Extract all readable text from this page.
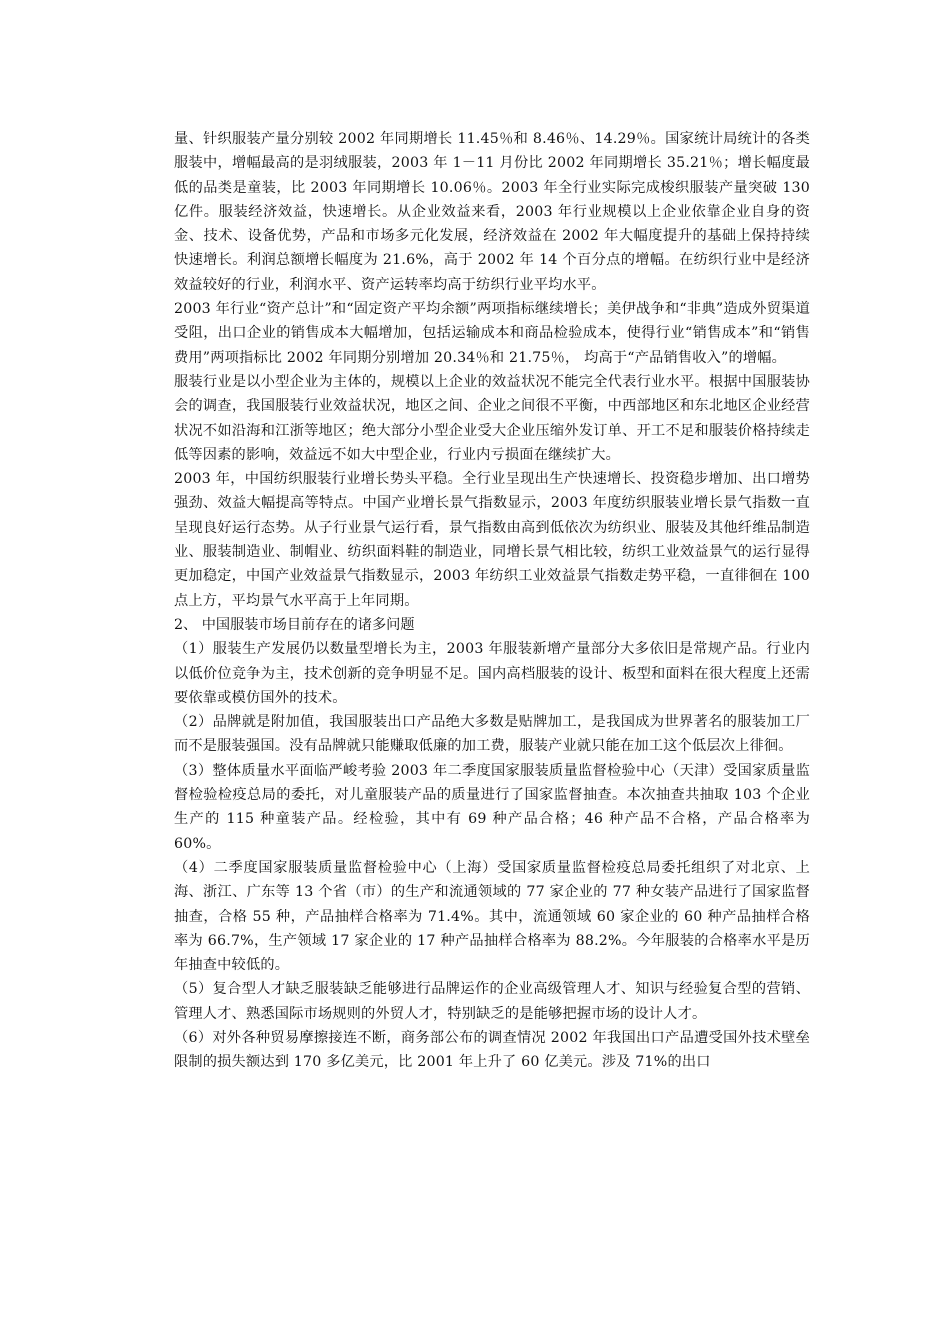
量、针织服装产量分别较 2002 年同期增长 11.45％和 8.46％、14.29％。国家统计局统计的各类服装中，增幅最高的是羽绒服装，2003 年 1－11 月份比 2002 年同期增长 35.21％；增长幅度最低的品类是童装，比 2003 年同期增长 10.06％。2003 年全行业实际完成梭织服装产量突破 130 亿件。服装经济效益，快速增长。从企业效益来看，2003 年行业规模以上企业依靠企业自身的资金、技术、设备优势，产品和市场多元化发展，经济效益在 2002 年大幅度提升的基础上保持持续快速增长。利润总额增长幅度为 21.6%，高于 2002 年 14 个百分点的增幅。在纺织行业中是经济效益较好的行业，利润水平、资产运转率均高于纺织行业平均水平。

2003 年行业“资产总计”和“固定资产平均余额”两项指标继续增长；美伊战争和“非典”造成外贸渠道受阻，出口企业的销售成本大幅增加，包括运输成本和商品检验成本，使得行业“销售成本”和“销售费用”两项指标比 2002 年同期分别增加 20.34％和 21.75％， 均高于“产品销售收入”的增幅。

服装行业是以小型企业为主体的，规模以上企业的效益状况不能完全代表行业水平。根据中国服装协会的调查，我国服装行业效益状况，地区之间、企业之间很不平衡，中西部地区和东北地区企业经营状况不如沿海和江浙等地区；绝大部分小型企业受大企业压缩外发订单、开工不足和服装价格持续走低等因素的影响，效益远不如大中型企业，行业内亏损面在继续扩大。

2003 年，中国纺织服装行业增长势头平稳。全行业呈现出生产快速增长、投资稳步增加、出口增势强劲、效益大幅提高等特点。中国产业增长景气指数显示，2003 年度纺织服装业增长景气指数一直呈现良好运行态势。从子行业景气运行看，景气指数由高到低依次为纺织业、服装及其他纤维品制造业、服装制造业、制帽业、纺织面料鞋的制造业，同增长景气相比较，纺织工业效益景气的运行显得更加稳定，中国产业效益景气指数显示，2003 年纺织工业效益景气指数走势平稳，一直徘徊在 100 点上方，平均景气水平高于上年同期。

2、 中国服装市场目前存在的诸多问题

（1）服装生产发展仍以数量型增长为主，2003 年服装新增产量部分大多依旧是常规产品。行业内以低价位竞争为主，技术创新的竞争明显不足。国内高档服装的设计、板型和面料在很大程度上还需要依靠或模仿国外的技术。

（2）品牌就是附加值，我国服装出口产品绝大多数是贴牌加工，是我国成为世界著名的服装加工厂而不是服装强国。没有品牌就只能赚取低廉的加工费，服装产业就只能在加工这个低层次上徘徊。

（3）整体质量水平面临严峻考验 2003 年二季度国家服装质量监督检验中心（天津）受国家质量监督检验检疫总局的委托，对儿童服装产品的质量进行了国家监督抽查。本次抽查共抽取 103 个企业生产的 115 种童装产品。经检验，其中有 69 种产品合格；46 种产品不合格，产品合格率为 60%。

（4）二季度国家服装质量监督检验中心（上海）受国家质量监督检疫总局委托组织了对北京、上海、浙江、广东等 13 个省（市）的生产和流通领域的 77 家企业的 77 种女装产品进行了国家监督抽查，合格 55 种，产品抽样合格率为 71.4%。其中，流通领域 60 家企业的 60 种产品抽样合格率为 66.7%，生产领域 17 家企业的 17 种产品抽样合格率为 88.2%。今年服装的合格率水平是历年抽查中较低的。

（5）复合型人才缺乏服装缺乏能够进行品牌运作的企业高级管理人才、知识与经验复合型的营销、管理人才、熟悉国际市场规则的外贸人才，特别缺乏的是能够把握市场的设计人才。

（6）对外各种贸易摩擦接连不断，商务部公布的调查情况 2002 年我国出口产品遭受国外技术壁垒限制的损失额达到 170 多亿美元，比 2001 年上升了 60 亿美元。涉及 71%的出口
